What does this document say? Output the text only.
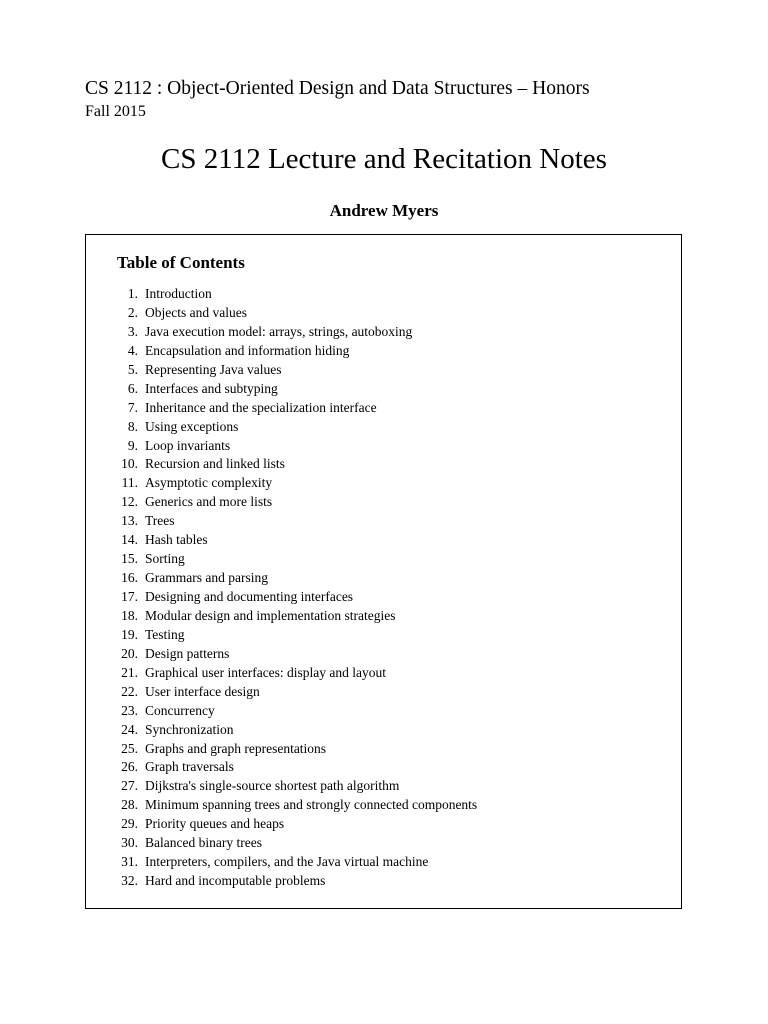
CS 2112 : Object-Oriented Design and Data Structures – Honors
Fall 2015
CS 2112 Lecture and Recitation Notes
Andrew Myers
Table of Contents
1. Introduction
2. Objects and values
3. Java execution model: arrays, strings, autoboxing
4. Encapsulation and information hiding
5. Representing Java values
6. Interfaces and subtyping
7. Inheritance and the specialization interface
8. Using exceptions
9. Loop invariants
10. Recursion and linked lists
11. Asymptotic complexity
12. Generics and more lists
13. Trees
14. Hash tables
15. Sorting
16. Grammars and parsing
17. Designing and documenting interfaces
18. Modular design and implementation strategies
19. Testing
20. Design patterns
21. Graphical user interfaces: display and layout
22. User interface design
23. Concurrency
24. Synchronization
25. Graphs and graph representations
26. Graph traversals
27. Dijkstra's single-source shortest path algorithm
28. Minimum spanning trees and strongly connected components
29. Priority queues and heaps
30. Balanced binary trees
31. Interpreters, compilers, and the Java virtual machine
32. Hard and incomputable problems
